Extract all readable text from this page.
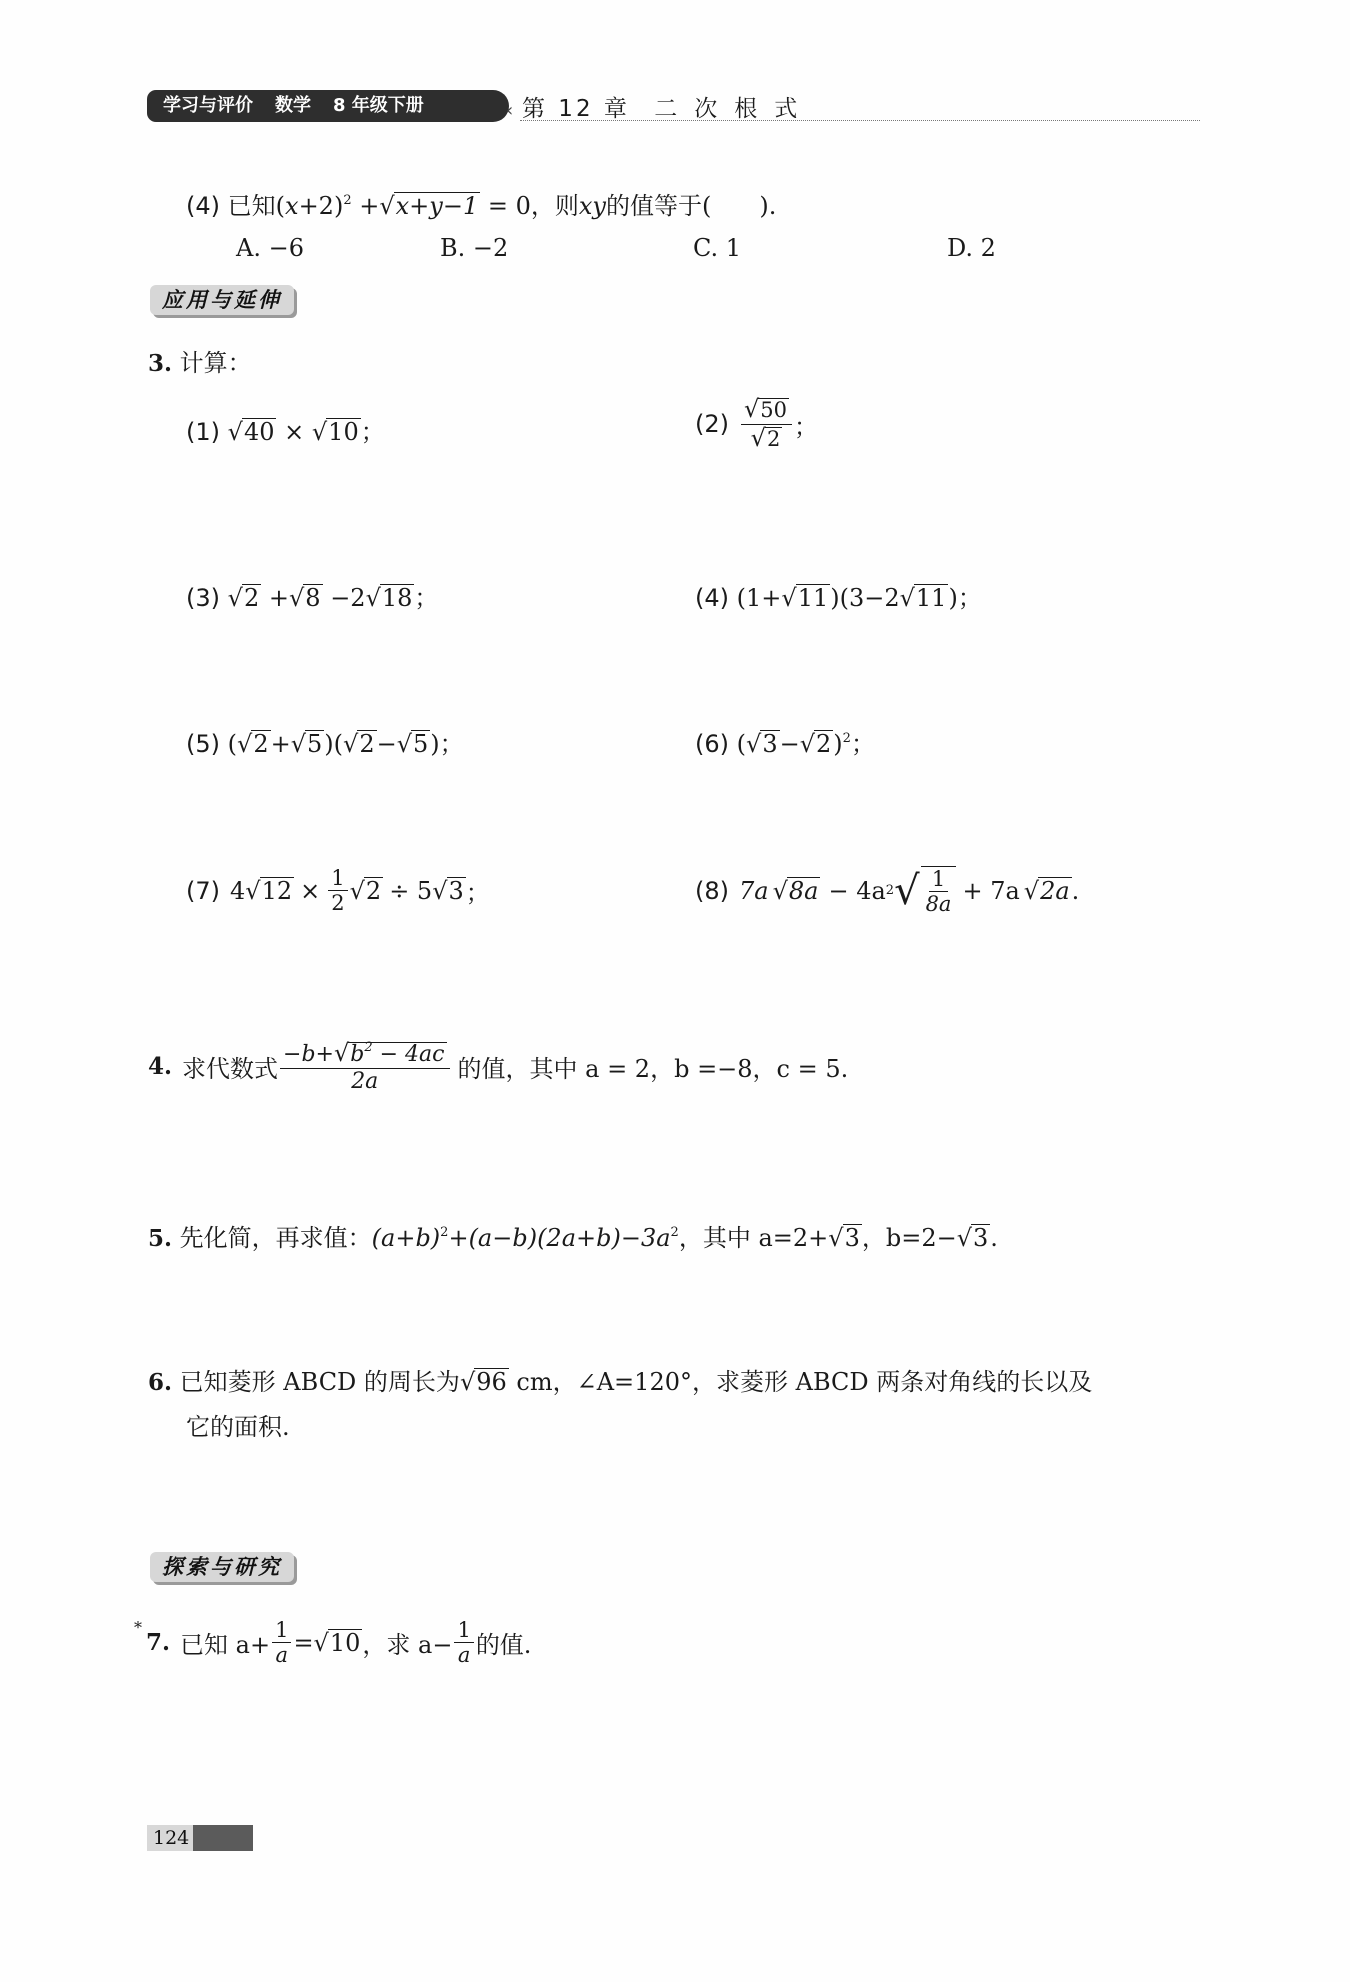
学习与评价 数学 8 年级下册	‹ 第 12 章 二 次 根 式
(4) 已知$(x+2)^2 +√x+y-1 = 0$，则xy的值等于(　　).
A. −6	B. −2	C. 1	D. 2
应用与延伸
3. 计算：
(1) √40 × √10；	$(2) \frac{√50}{√2}$ ；
(3) √2 +√8 −2√18；	(4) (1+√11)(3−2√11)；
(5) (√2+√5)(√2−√5)；	(6) $(√3-√2)^2$；
(7) 4 √ $12 \times \frac{1}{2}$ √ 2 ÷ 5 √ 3 ；	(8) 7a √ 8a − 4a 2 √ $\frac{1}{8a} + 7a$ √ 2a .
4. 求代数式 $\frac{-b+√b^2 - 4ac}{2a}$ 的值，其中 a = 2，b =−8，c = 5.
5. 先化简，再求值：$(a+b)^2+(a-b)(2a+b)-3a^2$，其中 a=2+√3，b=2−√3.
6. 已知菱形 ABCD 的周长为√96 cm，∠A=120°，求菱形 ABCD 两条对角线的长以及
它的面积.
探索与研究
*
7. 已知 $a+ \frac{1}{a}$ = √ 10 ，求 $a- \frac{1}{a}$ 的值.
124
